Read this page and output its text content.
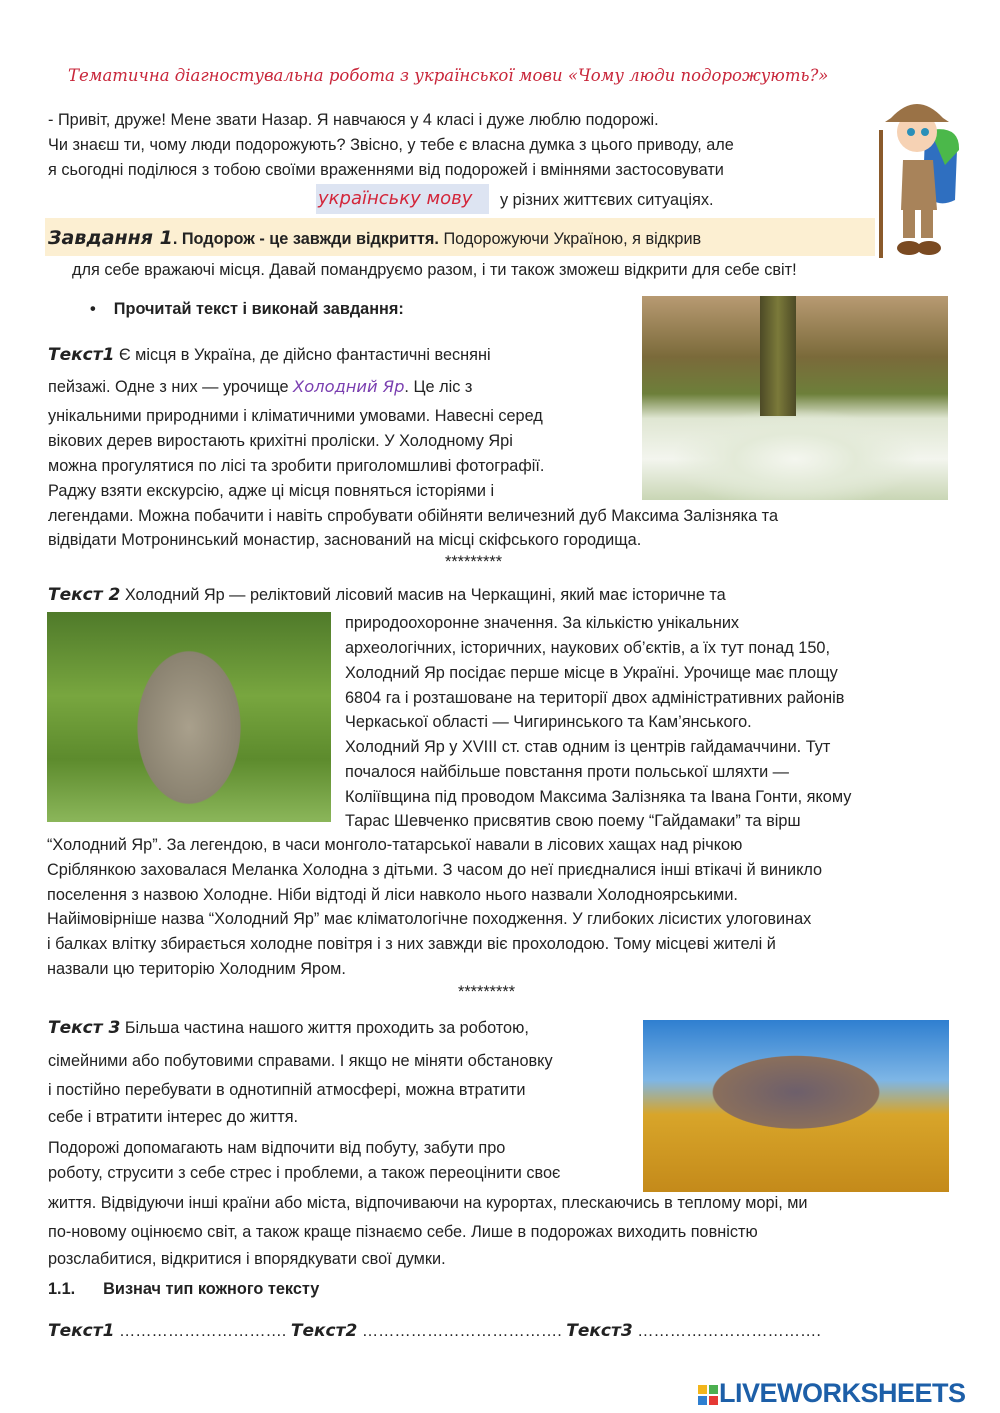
Тематична діагностувальна робота з української мови «Чому люди подорожують?»
- Привіт, друже! Мене звати Назар. Я навчаюся у 4 класі і дуже люблю подорожі.
Чи знаєш ти, чому люди подорожують? Звісно, у тебе є власна думка з цього приводу, але
я сьогодні поділюся з тобою своїми враженнями від подорожей і вміннями застосовувати
українську мову у різних життєвих ситуаціях.
Завдання 1. Подорож - це завжди відкриття. Подорожуючи Україною, я відкрив
для себе вражаючі місця. Давай помандруємо разом, і ти також зможеш відкрити для себе світ!
•    Прочитай текст і виконай завдання:
Текст1 Є місця в Україна, де дійсно фантастичні весняні
пейзажі. Одне з них — урочище Холодний Яр. Це ліс з
унікальними природними і кліматичними умовами. Навесні серед
вікових дерев виростають крихітні проліски. У Холодному Ярі
можна прогулятися по лісі та зробити приголомшливі фотографії.
Раджу взяти екскурсію, адже ці місця повняться історіями і
легендами. Можна побачити і навіть спробувати обійняти величезний дуб Максима Залізняка та
відвідати Мотронинський монастир, заснований на місці скіфського городища.
*********
Текст 2 Холодний Яр — реліктовий лісовий масив на Черкащині, який має історичне та
природоохоронне значення. За кількістю унікальних
археологічних, історичних, наукових об’єктів, а їх тут понад 150,
Холодний Яр посідає перше місце в Україні. Урочище має площу
6804 га і розташоване на території двох адміністративних районів
Черкаської області — Чигиринського та Кам’янського.
Холодний Яр у XVIII ст. став одним із центрів гайдамаччини. Тут
почалося найбільше повстання проти польської шляхти —
Коліївщина під проводом Максима Залізняка та Івана Гонти, якому
Тарас Шевченко присвятив свою поему “Гайдамаки” та вірш
“Холодний Яр”. За легендою, в часи монголо-татарської навали в лісових хащах над річкою
Сріблянкою заховалася Меланка Холодна з дітьми. З часом до неї приєдналися інші втікачі й виникло
поселення з назвою Холодне. Ніби відтоді й ліси навколо нього назвали Холодноярськими.
Найімовірніше назва “Холодний Яр” має кліматологічне походження. У глибоких лісистих улоговинах
і балках влітку збирається холодне повітря і з них завжди віє прохолодою. Тому місцеві жителі й
назвали цю територію Холодним Яром.
*********
Текст 3 Більша частина нашого життя проходить за роботою,
сімейними або побутовими справами. І якщо не міняти обстановку
і постійно перебувати в однотипній атмосфері, можна втратити
себе і втратити інтерес до життя.
Подорожі допомагають нам відпочити від побуту, забути про
роботу, струсити з себе стрес і проблеми, а також переоцінити своє
життя. Відвідуючи інші країни або міста, відпочиваючи на курортах, плескаючись в теплому морі, ми
по-новому оцінюємо світ, а також краще пізнаємо себе. Лише в подорожах виходить повністю
розслабитися, відкритися і впорядкувати свої думки.
1.1. Визнач тип кожного тексту
Текст1 …………………………. Текст2 ………………………………. Текст3 …………………………….
LIVEWORKSHEETS
